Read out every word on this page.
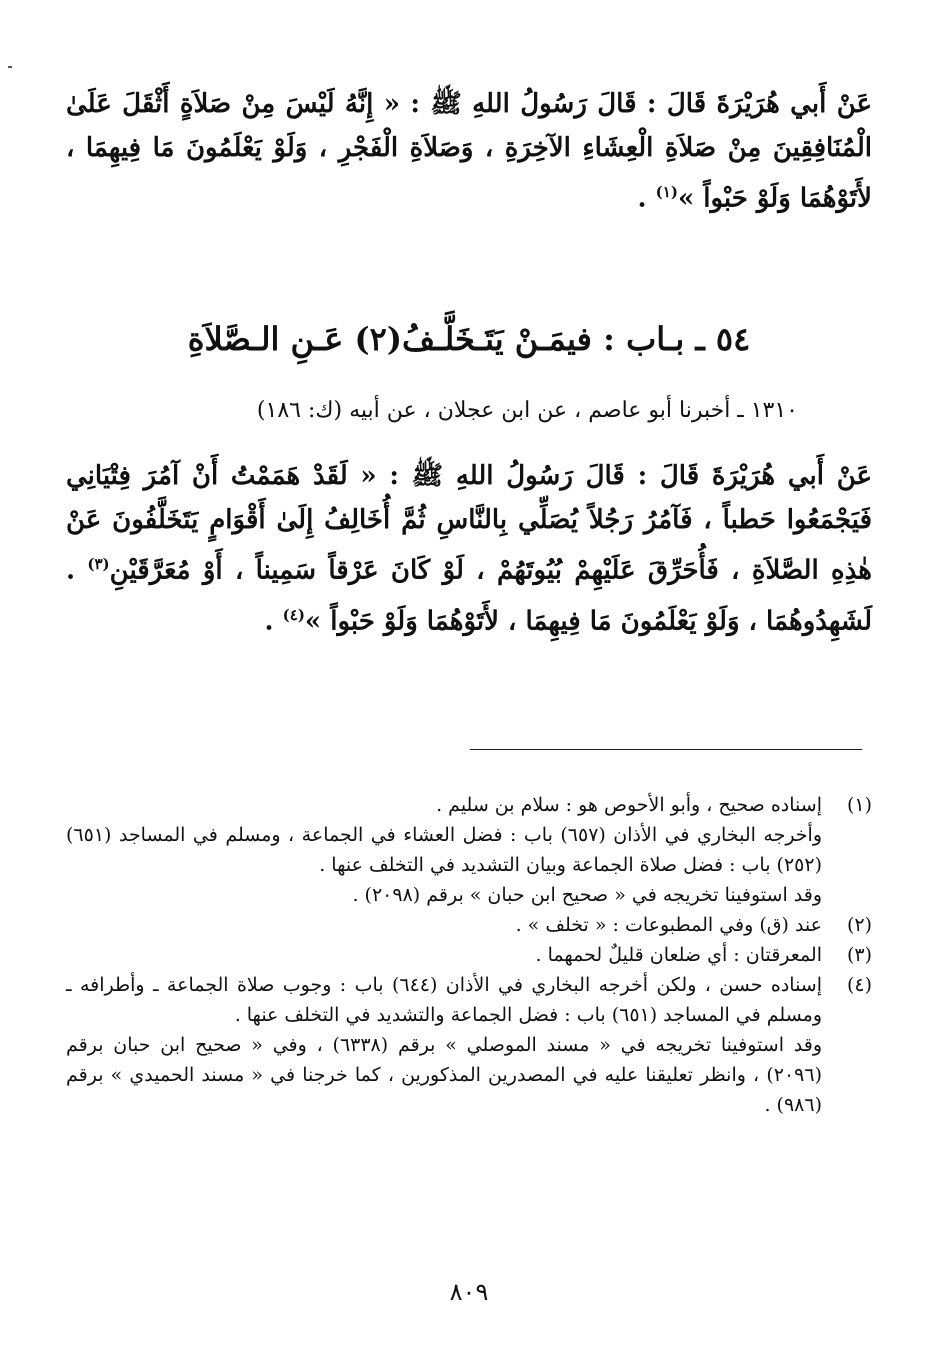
عَنْ أَبي هُرَيْرَةَ قَالَ : قَالَ رَسُولُ اللهِ ﷺ : « إِنَّهُ لَيْسَ مِنْ صَلاَةٍ أَثْقَلَ عَلَىٰ الْمُنَافِقِينَ مِنْ صَلاَةِ الْعِشَاءِ الآخِرَةِ ، وَصَلاَةِ الْفَجْرِ ، وَلَوْ يَعْلَمُونَ مَا فِيهِمَا ، لأَتَوْهُمَا وَلَوْ حَبْواً »$^{(١)}$ .

٥٤ ـ بـاب : فيمَـنْ يَتَـخَلَّـفُ(٢) عَـنِ الـصَّلاَةِ
١٣١٠ ـ أخبرنا أبو عاصم ، عن ابن عجلان ، عن أبيه (ك: ١٨٦)

عَنْ أَبي هُرَيْرَةَ قَالَ : قَالَ رَسُولُ اللهِ ﷺ : « لَقَدْ هَمَمْتُ أَنْ آمُرَ فِتْيَانِي فَيَجْمَعُوا حَطباً ، فَآمُرُ رَجُلاً يُصَلِّي بِالنَّاسِ ثُمَّ أُخَالِفُ إِلَىٰ أَقْوَامٍ يَتَخَلَّفُونَ عَنْ هٰذِهِ الصَّلاَةِ ، فَأُحَرِّقَ عَلَيْهِمْ بُيُوتَهُمْ ، لَوْ كَانَ عَرْقاً سَمِيناً ، أَوْ مُعَرَّقَيْنِ$^{(٣)}$ . لَشَهِدُوهُمَا ، وَلَوْ يَعْلَمُونَ مَا فِيهِمَا ، لأَتَوْهُمَا وَلَوْ حَبْواً »$^{(٤)}$ .

(١)

إسناده صحيح ، وأبو الأحوص هو : سلام بن سليم .

وأخرجه البخاري في الأذان (٦٥٧) باب : فضل العشاء في الجماعة ، ومسلم في المساجد (٦٥١) (٢٥٢) باب : فضل صلاة الجماعة وبيان التشديد في التخلف عنها .

وقد استوفينا تخريجه في « صحيح ابن حبان » برقم (٢٠٩٨) .

(٢)

عند (ق) وفي المطبوعات : « تخلف » .

(٣)

المعرقتان : أي ضلعان قليلٌ لحمهما .

(٤)

إسناده حسن ، ولكن أخرجه البخاري في الأذان (٦٤٤) باب : وجوب صلاة الجماعة ـ وأطرافه ـ ومسلم في المساجد (٦٥١) باب : فضل الجماعة والتشديد في التخلف عنها .

وقد استوفينا تخريجه في « مسند الموصلي » برقم (٦٣٣٨) ، وفي « صحيح ابن حبان برقم (٢٠٩٦) ، وانظر تعليقنا عليه في المصدرين المذكورين ، كما خرجنا في « مسند الحميدي » برقم (٩٨٦) .

٨٠٩
